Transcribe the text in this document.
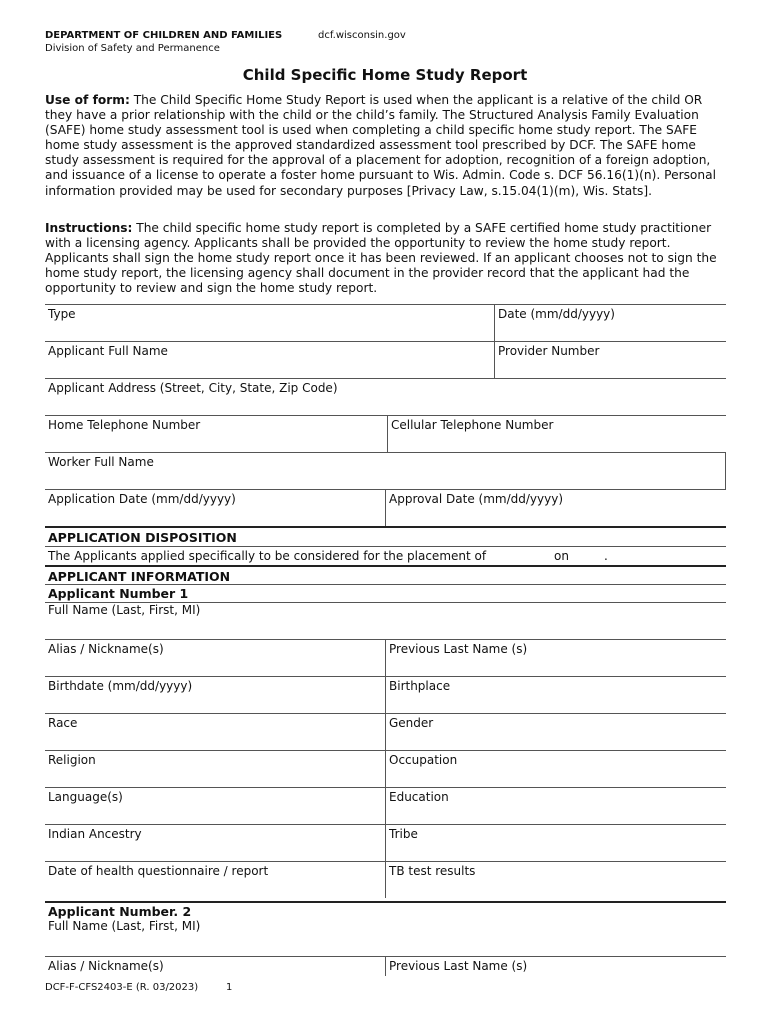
DEPARTMENT OF CHILDREN AND FAMILIES	dcf.wisconsin.gov
Division of Safety and Permanence
Child Specific Home Study Report
Use of form: The Child Specific Home Study Report is used when the applicant is a relative of the child OR they have a prior relationship with the child or the child’s family. The Structured Analysis Family Evaluation (SAFE) home study assessment tool is used when completing a child specific home study report. The SAFE home study assessment is the approved standardized assessment tool prescribed by DCF. The SAFE home study assessment is required for the approval of a placement for adoption, recognition of a foreign adoption, and issuance of a license to operate a foster home pursuant to Wis. Admin. Code s. DCF 56.16(1)(n). Personal information provided may be used for secondary purposes [Privacy Law, s.15.04(1)(m), Wis. Stats].
Instructions: The child specific home study report is completed by a SAFE certified home study practitioner with a licensing agency. Applicants shall be provided the opportunity to review the home study report. Applicants shall sign the home study report once it has been reviewed. If an applicant chooses not to sign the home study report, the licensing agency shall document in the provider record that the applicant had the opportunity to review and sign the home study report.
Type	Date (mm/dd/yyyy)
Applicant Full Name	Provider Number
Applicant Address (Street, City, State, Zip Code)
Home Telephone Number	Cellular Telephone Number
Worker Full Name
Application Date (mm/dd/yyyy)	Approval Date (mm/dd/yyyy)
APPLICATION DISPOSITION
The Applicants applied specifically to be considered for the placement of	on	.
APPLICANT INFORMATION
Applicant Number 1
Full Name (Last, First, MI)
Alias / Nickname(s)	Previous Last Name (s)
Birthdate (mm/dd/yyyy)	Birthplace
Race	Gender
Religion	Occupation
Language(s)	Education
Indian Ancestry	Tribe
Date of health questionnaire / report	TB test results
Applicant Number. 2
Full Name (Last, First, MI)
Alias / Nickname(s)	Previous Last Name (s)
DCF-F-CFS2403-E (R. 03/2023)	1
